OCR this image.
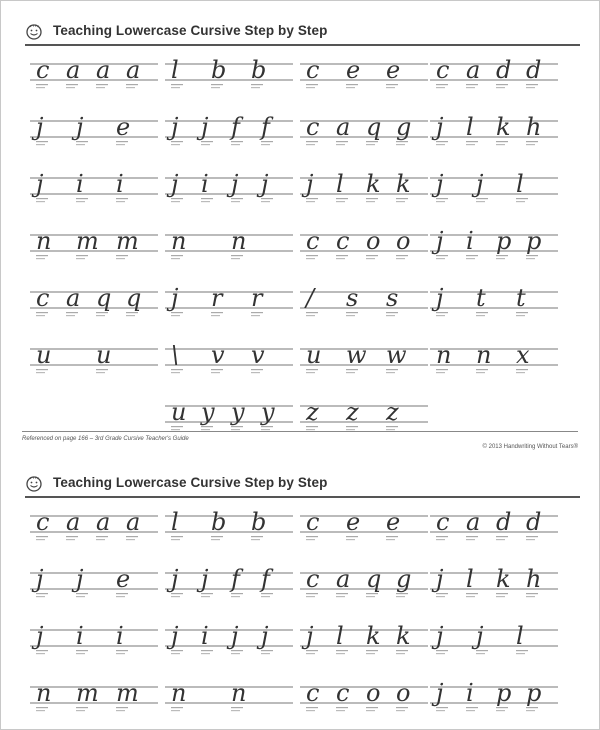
Teaching Lowercase Cursive Step by Step
c a a a l b b c e e c a d d
j j e j j f f c a q g j l k h
j i i j i j j j l k k j j l
n m m n n c c o o j i p p
c a q q j r r / s s j t t
u u \ v v u w w n n x
u y y y z z z
Referenced on page 166 – 3rd Grade Cursive Teacher's Guide
© 2013 Handwriting Without Tears®
Teaching Lowercase Cursive Step by Step
c a a a l b b c e e c a d d
j j e j j f f c a q g j l k h
j i i j i j j j l k k j j l
n m m n n c c o o j i p p
